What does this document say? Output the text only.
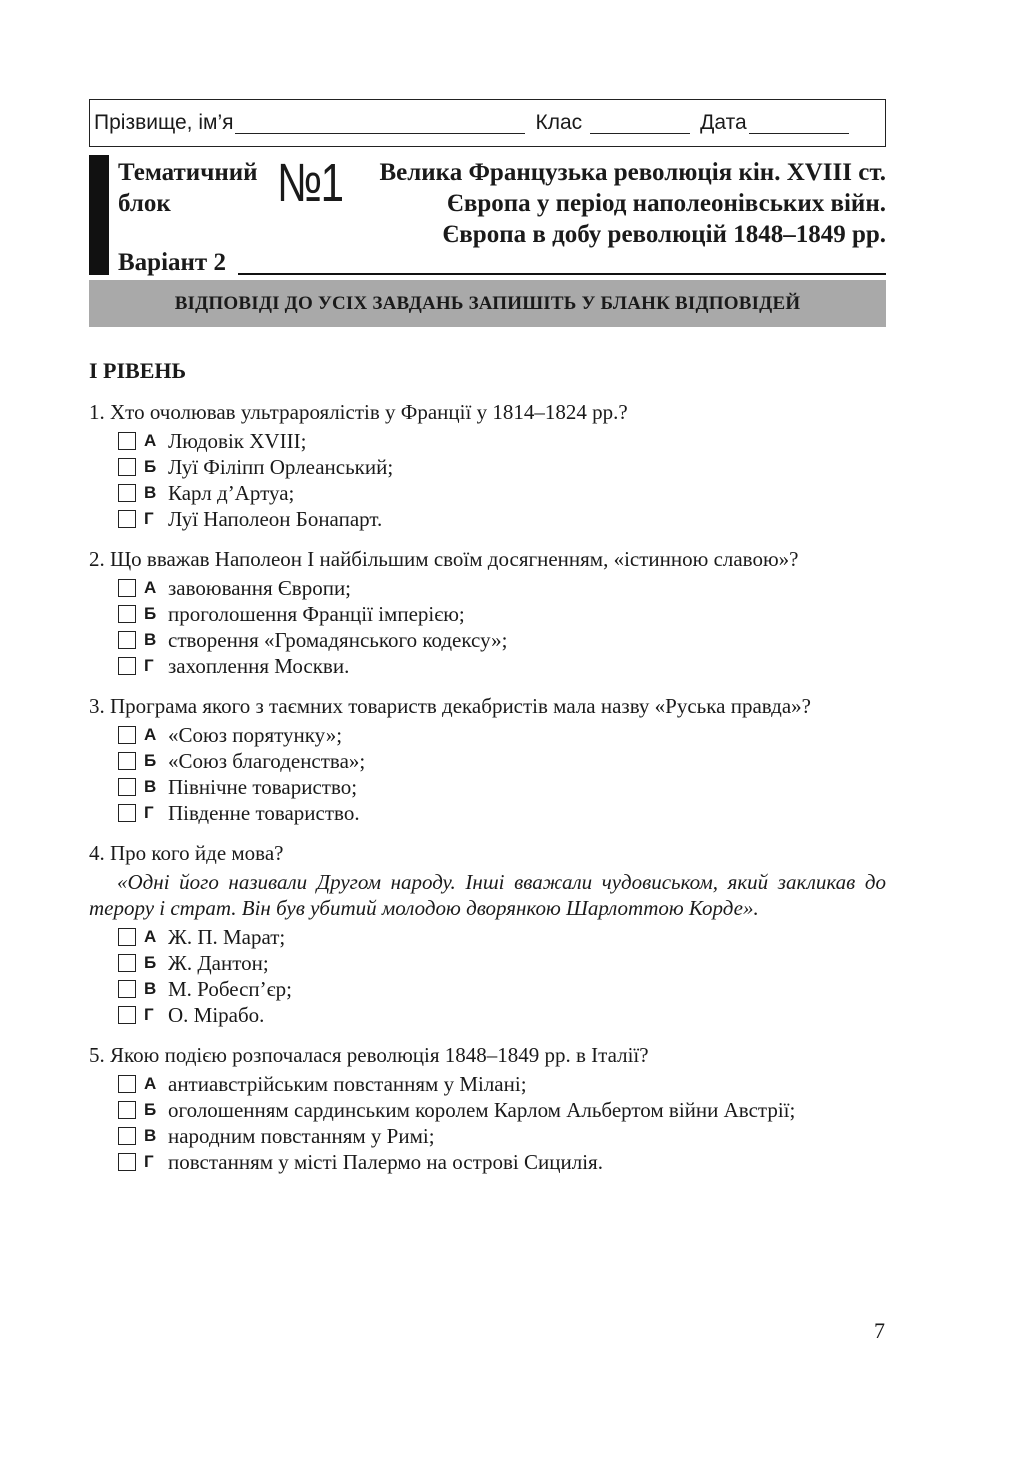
Прізвище, ім’я	Клас	Дата
Тематичний
блок	№1 Велика Французька революція кін. XVIII ст.
Європа у період наполеонівських війн.
Європа в добу революцій 1848–1849 рр.
Варіант 2
ВІДПОВІДІ ДО УСІХ ЗАВДАНЬ ЗАПИШІТЬ У БЛАНК ВІДПОВІДЕЙ
I РІВЕНЬ
1. Хто очолював ультрароялістів у Франції у 1814–1824 рр.?
А Людовік XVIII;
Б Луї Філіпп Орлеанський;
В Карл д’Артуа;
Г Луї Наполеон Бонапарт.
2. Що вважав Наполеон I найбільшим своїм досягненням, «істинною славою»?
А завоювання Європи;
Б проголошення Франції імперією;
В створення «Громадянського кодексу»;
Г захоплення Москви.
3. Програма якого з таємних товариств декабристів мала назву «Руська правда»?
А «Союз порятунку»;
Б «Союз благоденства»;
В Північне товариство;
Г Південне товариство.
4. Про кого йде мова?
«Одні його називали Другом народу. Інші вважали чудовиськом, який закликав до терору і страт. Він був убитий молодою дворянкою Шарлоттою Корде».
А Ж. П. Марат;
Б Ж. Дантон;
В М. Робесп’єр;
Г О. Мірабо.
5. Якою подією розпочалася революція 1848–1849 рр. в Італії?
А антиавстрійським повстанням у Мілані;
Б оголошенням сардинським королем Карлом Альбертом війни Австрії;
В народним повстанням у Римі;
Г повстанням у місті Палермо на острові Сицилія.
7
